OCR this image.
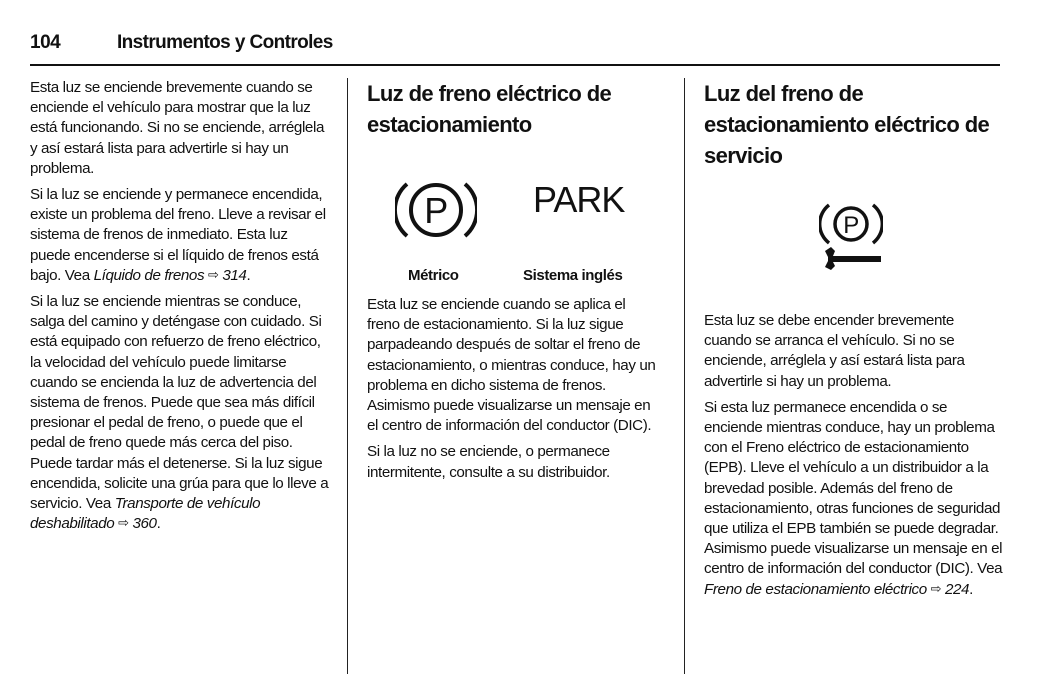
104	Instrumentos y Controles

Esta luz se enciende brevemente cuando se enciende el vehículo para mostrar que la luz está funcionando. Si no se enciende, arréglela y así estará lista para advertirle si hay un problema.

Si la luz se enciende y permanece encendida, existe un problema del freno. Lleve a revisar el sistema de frenos de inmediato. Esta luz puede encenderse si el líquido de frenos está bajo. Vea Líquido de frenos ⇨ 314.

Si la luz se enciende mientras se conduce, salga del camino y deténgase con cuidado. Si está equipado con refuerzo de freno eléctrico, la velocidad del vehículo puede limitarse cuando se encienda la luz de advertencia del sistema de frenos. Puede que sea más difícil presionar el pedal de freno, o puede que el pedal de freno quede más cerca del piso. Puede tardar más el detenerse. Si la luz sigue encendida, solicite una grúa para que lo lleve a servicio. Vea Transporte de vehículo deshabilitado ⇨ 360.

Luz de freno eléctrico de estacionamiento
P PARK
Métrico	Sistema inglés

Esta luz se enciende cuando se aplica el freno de estacionamiento. Si la luz sigue parpadeando después de soltar el freno de estacionamiento, o mientras conduce, hay un problema en dicho sistema de frenos. Asimismo puede visualizarse un mensaje en el centro de información del conductor (DIC).

Si la luz no se enciende, o permanece intermitente, consulte a su distribuidor.

Luz del freno de estacionamiento eléctrico de servicio
P

Esta luz se debe encender brevemente cuando se arranca el vehículo. Si no se enciende, arréglela y así estará lista para advertirle si hay un problema.

Si esta luz permanece encendida o se enciende mientras conduce, hay un problema con el Freno eléctrico de estacionamiento (EPB). Lleve el vehículo a un distribuidor a la brevedad posible. Además del freno de estacionamiento, otras funciones de seguridad que utiliza el EPB también se puede degradar. Asimismo puede visualizarse un mensaje en el centro de información del conductor (DIC). Vea Freno de estacionamiento eléctrico ⇨ 224.
